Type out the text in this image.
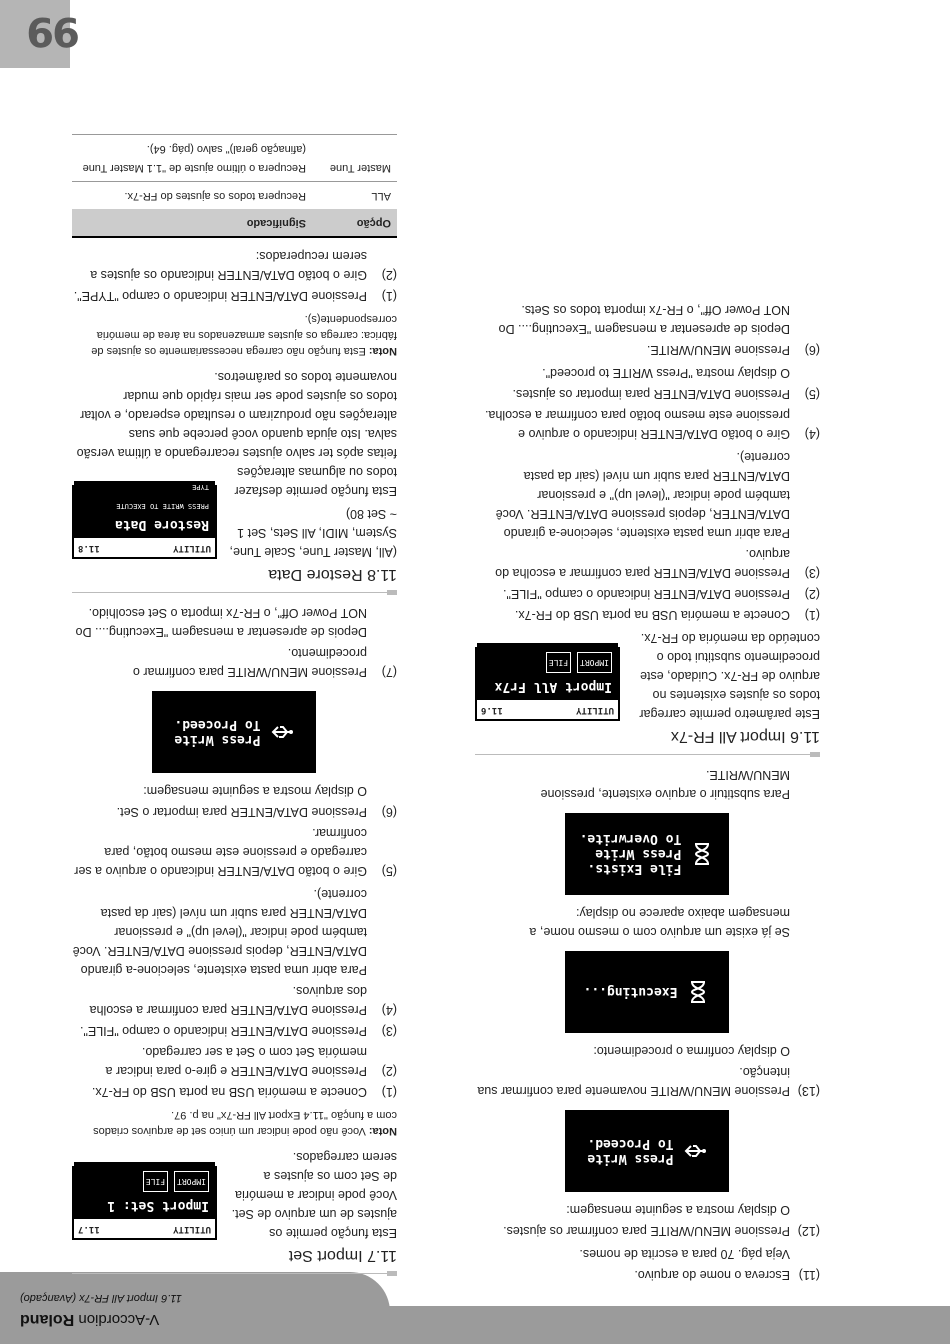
V-Accordion Roland
11.6 Import All FR-7x (Avançado)
99
(11)
Escreva o nome do arquivo.
Veja pág. 70 para a escrita de nomes.
(12)
Pressione MENU/WRITE para confirmar os ajustes.
O display mostra a seguinte mensagem:
Press Write
To Proceed.
(13)
Pressione MENU/WRITE novamente para confirmar sua intenção.
O display confirma o procedimento:
Executing...
Se já existe um arquivo com o mesmo nome, a mensagem abaixo aparece no display:
File Exists.
Press Write
To Overwrite.
Para substituir o arquivo existente, pressione MENU/WRITE.
11.6 Import All FR-7x
UTILITY
11.6
Import All Fr7x
IMPORT
FILE
Este parâmetro permite carregar todos os ajustes existentes no arquivo de FR-7x. Cuidado, este procedimento substitui todo o conteúdo da memória do FR-7x.
(1)
Conecte a memória USB na porta USB do FR-7x.
(2)
Pressione DATA/ENTER indicando o campo "FILE".
(3)
Pressione DATA/ENTER para confirmar a escolha do arquivo.
Para abrir uma pasta existente, selecione-a girando DATA/ENTER, depois pressione DATA/ENTER. Você também pode indicar "(level up)" e pressionar DATA/ENTER para subir um nível (sair da pasta corrente).
(4)
Gire o botão DATA/ENTER indicando o arquivo e pressione este mesmo botão para confirmar a escolha.
(5)
Pressione DATA/ENTER para importar os ajustes.
O display mostra "Press WRITE to proceed".
(6)
Pressione MENU/WRITE.
Depois de apresentar a mensagem "Executing.... Do NOT Power Off", o FR-7x importa todos os Sets.
11.7 Import Set
UTILITY
11.7
Import Set: 1
IMPORT
FILE
Esta função permite os ajustes de um arquivo de Set. Você pode indicar a memória de Set com os ajustes a serem carregados.
Nota: Você não pode indicar um único set de arquivos criados com a função "11.4 Export All FR-7x" na p. 97.
(1)
Conecte a memória USB na porta USB do FR-7x.
(2)
Pressione DATA/ENTER e gire-o para indicar a memória Set com o Set a ser carregado.
(3)
Pressione DATA/ENTER indicando o campo "FILE".
(4)
Pressione DATA/ENTER para confirmar a escolha dos arquivos.
Para abrir uma pasta existente, selecione-a girando DATA/ENTER, depois pressione DATA/ENTER. Você também pode indicar "(level up)" e pressionar DATA/ENTER para subir um nível (sair da pasta corrente).
(5)
Gire o botão DATA/ENTER indicando o arquivo a ser carregado e pressione este mesmo botão, para confirmar.
(6)
Pressione DATA/ENTER para importar o Set.
O display mostra a seguinte mensagem:
Press Write
To Proceed.
(7)
Pressione MENU/WRITE para confirmar o procedimento.
Depois de apresentar a mensagem "Executing.... Do NOT Power Off", o FR-7x importa o Set escolhido.
11.8 Restore Data
UTILITY
11.8
Restore Data
PRESS WRITE TO EXECUTE
TYPE
All
(All, Master Tune, Scale Tune, System, MIDI, All Sets, Set 1 ~ Set 80)
Esta função permite desfazer todos ou algumas alterações feitas após ter salvo ajustes recarregando a última versão salva. Isto ajuda quando você percebe que suas alterações não produziram o resultado esperado, e voltar todos os ajustes pode ser mais rápido que mudar novamente todos os parâmetros.
Nota: Esta função não carrega necessariamente os ajustes de fábrica: carrega os ajustes armazenados na área de memória correspondente(s).
(1)
Pressione DATA/ENTER indicando o campo "TYPE".
(2)
Gire o botão DATA/ENTER indicando os ajustes a serem recuperados:
Opção	Significado
ALL	Recupera todos os ajustes do FR-7x.
Master Tune	Recupera o último ajuste de "1.1 Master Tune (afinação geral)" salvo (pág. 64).
